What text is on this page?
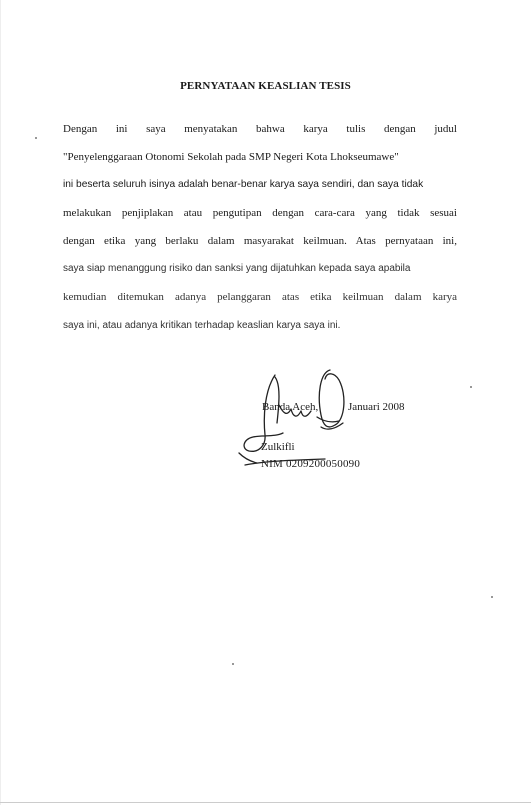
PERNYATAAN KEASLIAN TESIS
Dengan ini saya menyatakan bahwa karya tulis dengan judul
"Penyelenggaraan Otonomi Sekolah pada SMP Negeri Kota Lhokseumawe"
ini beserta seluruh isinya adalah benar-benar karya saya sendiri, dan saya tidak
melakukan penjiplakan atau pengutipan dengan cara-cara yang tidak sesuai
dengan etika yang berlaku dalam masyarakat keilmuan. Atas pernyataan ini,
saya siap menanggung risiko dan sanksi yang dijatuhkan kepada saya apabila
kemudian ditemukan adanya pelanggaran atas etika keilmuan dalam karya
saya ini, atau adanya kritikan terhadap keaslian karya saya ini.
Banda Aceh,	Januari 2008
Zulkifli
NIM 0209200050090
